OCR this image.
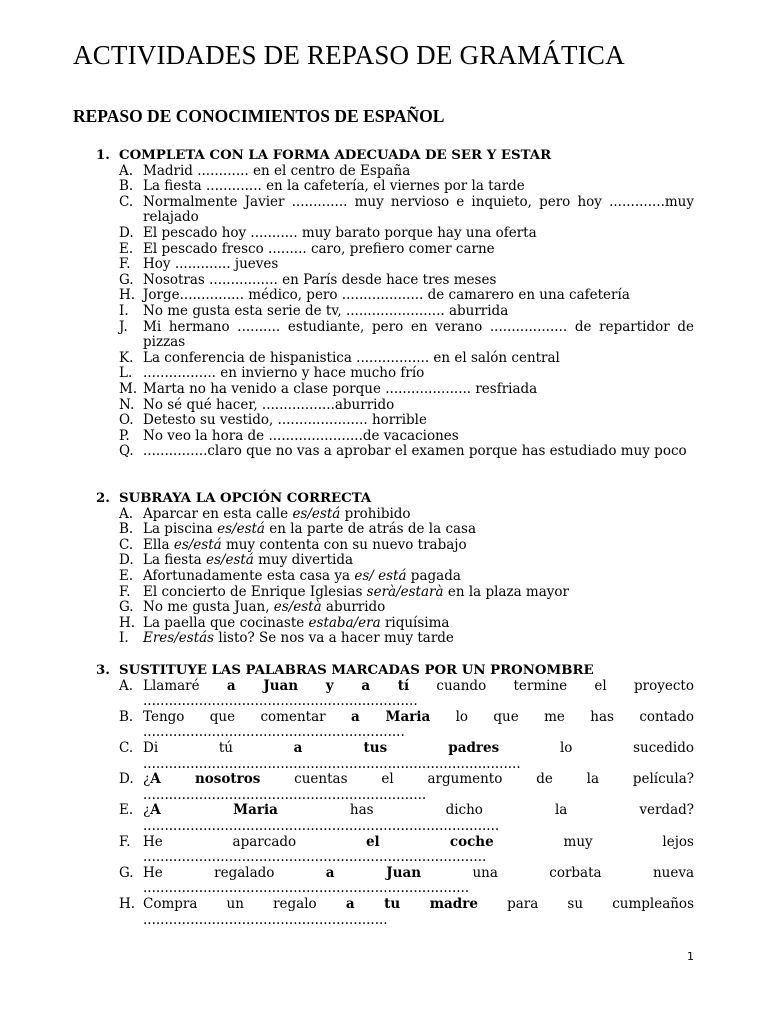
ACTIVIDADES DE REPASO DE GRAMÁTICA
REPASO DE CONOCIMIENTOS DE ESPAÑOL
1. COMPLETA CON LA FORMA ADECUADA DE SER Y ESTAR
A. Madrid ............ en el centro de España
B. La fiesta ............. en la cafetería, el viernes por la tarde
C. Normalmente Javier ............. muy nervioso e inquieto, pero hoy .............muy relajado
D. El pescado hoy ........... muy barato porque hay una oferta
E. El pescado fresco ......... caro, prefiero comer carne
F. Hoy ............. jueves
G. Nosotras ................ en París desde hace tres meses
H. Jorge............... médico, pero ................... de camarero en una cafetería
I.	No me gusta esta serie de tv, ....................... aburrida
J.	Mi hermano .......... estudiante, pero en verano .................. de repartidor de pizzas
K. La conferencia de hispanistica ................. en el salón central
L. ................. en invierno y hace mucho frío
M. Marta no ha venido a clase porque .................... resfriada
N. No sé qué hacer, .................aburrido
O. Detesto su vestido, ..................... horrible
P. No veo la hora de ......................de vacaciones
Q. ...............claro que no vas a aprobar el examen porque has estudiado muy poco
2. SUBRAYA LA OPCIÓN CORRECTA
A. Aparcar en esta calle es/está prohibido
B. La piscina es/está en la parte de atrás de la casa
C. Ella es/está muy contenta con su nuevo trabajo
D. La fiesta es/está muy divertida
E. Afortunadamente esta casa ya es/ está pagada
F. El concierto de Enrique Iglesias serà/estarà en la plaza mayor
G. No me gusta Juan, es/està aburrido
H. La paella que cocinaste estaba/era riquísima
I.	Eres/estás listo? Se nos va a hacer muy tarde
3. SUSTITUYE LAS PALABRAS MARCADAS POR UN PRONOMBRE
A. Llamaré a Juan y a tí cuando termine el proyecto ................................................................
B. Tengo que comentar a Maria lo que me has contado .............................................................
C. Di tú a tus padres lo sucedido ........................................................................................
D. ¿A nosotros cuentas el argumento de la película? ..................................................................
E. ¿A Maria has dicho la verdad? ...................................................................................
F. He aparcado el coche muy lejos ................................................................................
G. He regalado a Juan una corbata nueva ............................................................................
H. Compra un regalo a tu madre para su cumpleaños .........................................................
1
